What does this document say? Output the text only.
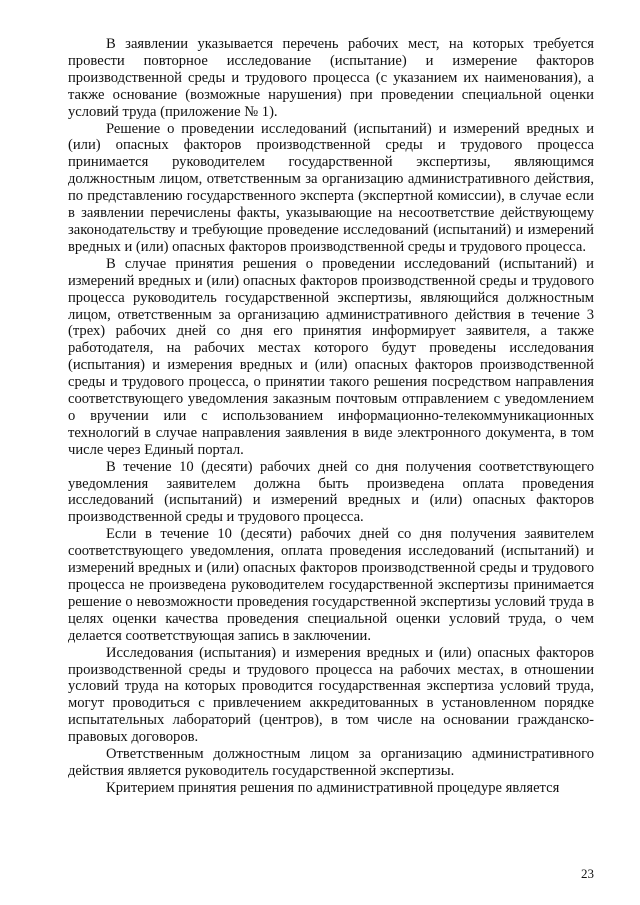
В заявлении указывается перечень рабочих мест, на которых требуется провести повторное исследование (испытание) и измерение факторов производственной среды и трудового процесса (с указанием их наименования), а также основание (возможные нарушения) при проведении специальной оценки условий труда (приложение № 1).

Решение о проведении исследований (испытаний) и измерений вредных и (или) опасных факторов производственной среды и трудового процесса принимается руководителем государственной экспертизы, являющимся должностным лицом, ответственным за организацию административного действия, по представлению государственного эксперта (экспертной комиссии), в случае если в заявлении перечислены факты, указывающие на несоответствие действующему законодательству и требующие проведение исследований (испытаний) и измерений вредных и (или) опасных факторов производственной среды и трудового процесса.

В случае принятия решения о проведении исследований (испытаний) и измерений вредных и (или) опасных факторов производственной среды и трудового процесса руководитель государственной экспертизы, являющийся должностным лицом, ответственным за организацию административного действия в течение 3 (трех) рабочих дней со дня его принятия информирует заявителя, а также работодателя, на рабочих местах которого будут проведены исследования (испытания) и измерения вредных и (или) опасных факторов производственной среды и трудового процесса, о принятии такого решения посредством направления соответствующего уведомления заказным почтовым отправлением с уведомлением о вручении или с использованием информационно-телекоммуникационных технологий в случае направления заявления в виде электронного документа, в том числе через Единый портал.

В течение 10 (десяти) рабочих дней со дня получения соответствующего уведомления заявителем должна быть произведена оплата проведения исследований (испытаний) и измерений вредных и (или) опасных факторов производственной среды и трудового процесса.

Если в течение 10 (десяти) рабочих дней со дня получения заявителем соответствующего уведомления, оплата проведения исследований (испытаний) и измерений вредных и (или) опасных факторов производственной среды и трудового процесса не произведена руководителем государственной экспертизы принимается решение о невозможности проведения государственной экспертизы условий труда в целях оценки качества проведения специальной оценки условий труда, о чем делается соответствующая запись в заключении.

Исследования (испытания) и измерения вредных и (или) опасных факторов производственной среды и трудового процесса на рабочих местах, в отношении условий труда на которых проводится государственная экспертиза условий труда, могут проводиться с привлечением аккредитованных в установленном порядке испытательных лабораторий (центров), в том числе на основании гражданско-правовых договоров.

Ответственным должностным лицом за организацию административного действия является руководитель государственной экспертизы.

Критерием принятия решения по административной процедуре является

23
